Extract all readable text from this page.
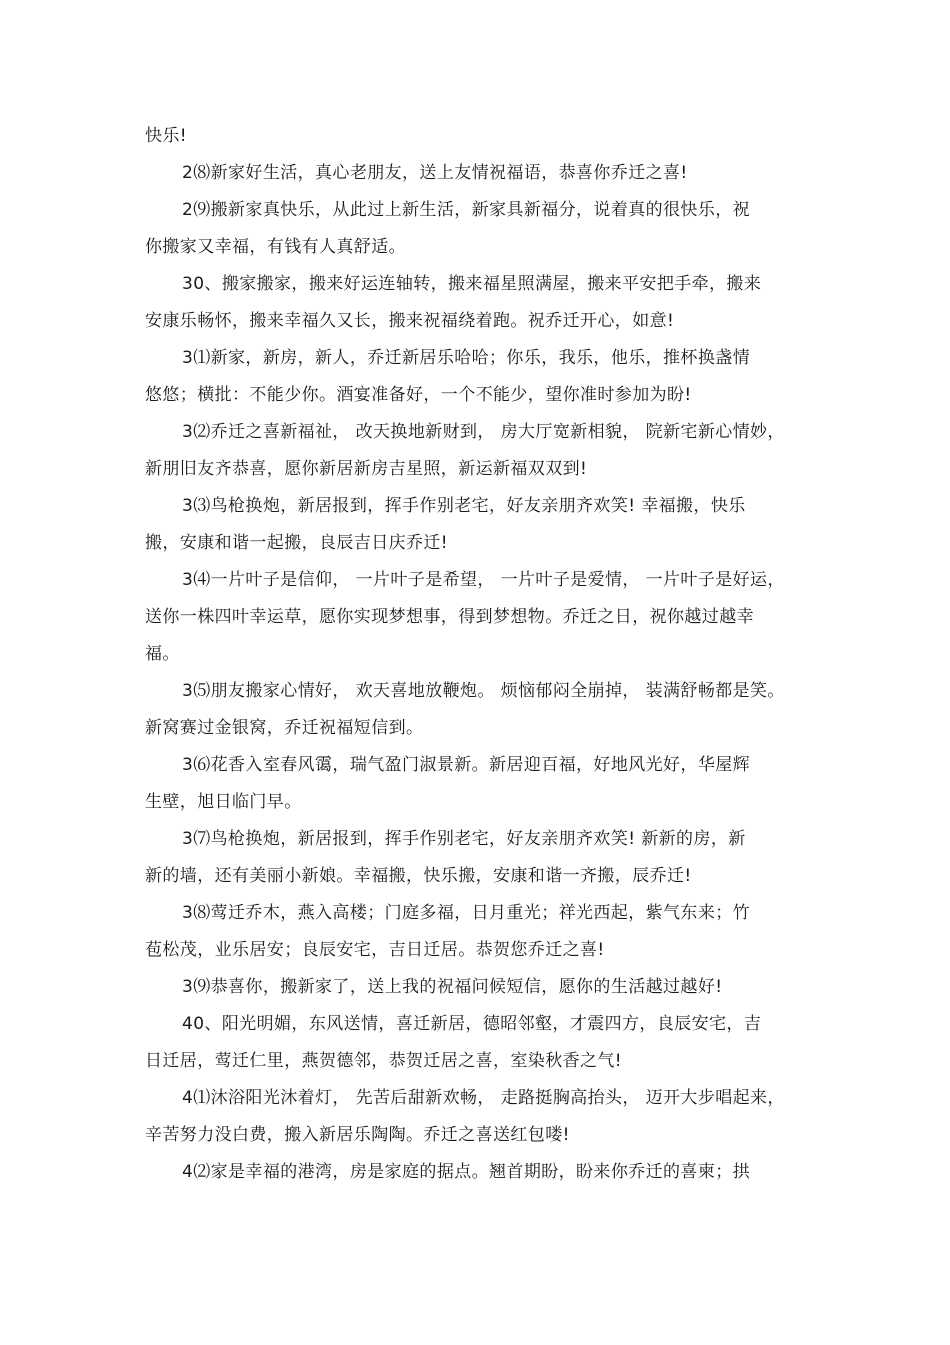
快乐!

2⑻新家好生活，真心老朋友，送上友情祝福语，恭喜你乔迁之喜!

2⑼搬新家真快乐，从此过上新生活，新家具新福分，说着真的很快乐，祝
你搬家又幸福，有钱有人真舒适。

30、搬家搬家，搬来好运连轴转，搬来福星照满屋，搬来平安把手牵，搬来
安康乐畅怀，搬来幸福久又长，搬来祝福绕着跑。祝乔迁开心，如意!

3⑴新家，新房，新人，乔迁新居乐哈哈；你乐，我乐，他乐，推杯换盏情
悠悠；横批：不能少你。酒宴准备好，一个不能少，望你准时参加为盼!

3⑵乔迁之喜新福祉， 改天换地新财到， 房大厅宽新相貌， 院新宅新心情妙，
新朋旧友齐恭喜，愿你新居新房吉星照，新运新福双双到!

3⑶鸟枪换炮，新居报到，挥手作别老宅，好友亲朋齐欢笑! 幸福搬，快乐
搬，安康和谐一起搬，良辰吉日庆乔迁!

3⑷一片叶子是信仰， 一片叶子是希望， 一片叶子是爱情， 一片叶子是好运，
送你一株四叶幸运草，愿你实现梦想事，得到梦想物。乔迁之日，祝你越过越幸
福。

3⑸朋友搬家心情好， 欢天喜地放鞭炮。 烦恼郁闷全崩掉， 装满舒畅都是笑。
新窝赛过金银窝，乔迁祝福短信到。

3⑹花香入室春风霭，瑞气盈门淑景新。新居迎百福，好地风光好，华屋辉
生壁，旭日临门早。

3⑺鸟枪换炮，新居报到，挥手作别老宅，好友亲朋齐欢笑! 新新的房，新
新的墙，还有美丽小新娘。幸福搬，快乐搬，安康和谐一齐搬，辰乔迁!

3⑻莺迁乔木，燕入高楼；门庭多福，日月重光；祥光西起，紫气东来；竹
苞松茂，业乐居安；良辰安宅，吉日迁居。恭贺您乔迁之喜!

3⑼恭喜你，搬新家了，送上我的祝福问候短信，愿你的生活越过越好!

40、阳光明媚，东风送情，喜迁新居，德昭邻壑，才震四方，良辰安宅，吉
日迁居，莺迁仁里，燕贺德邻，恭贺迁居之喜，室染秋香之气!

4⑴沐浴阳光沐着灯， 先苦后甜新欢畅， 走路挺胸高抬头， 迈开大步唱起来，
辛苦努力没白费，搬入新居乐陶陶。乔迁之喜送红包喽!

4⑵家是幸福的港湾，房是家庭的据点。翘首期盼，盼来你乔迁的喜柬；拱
